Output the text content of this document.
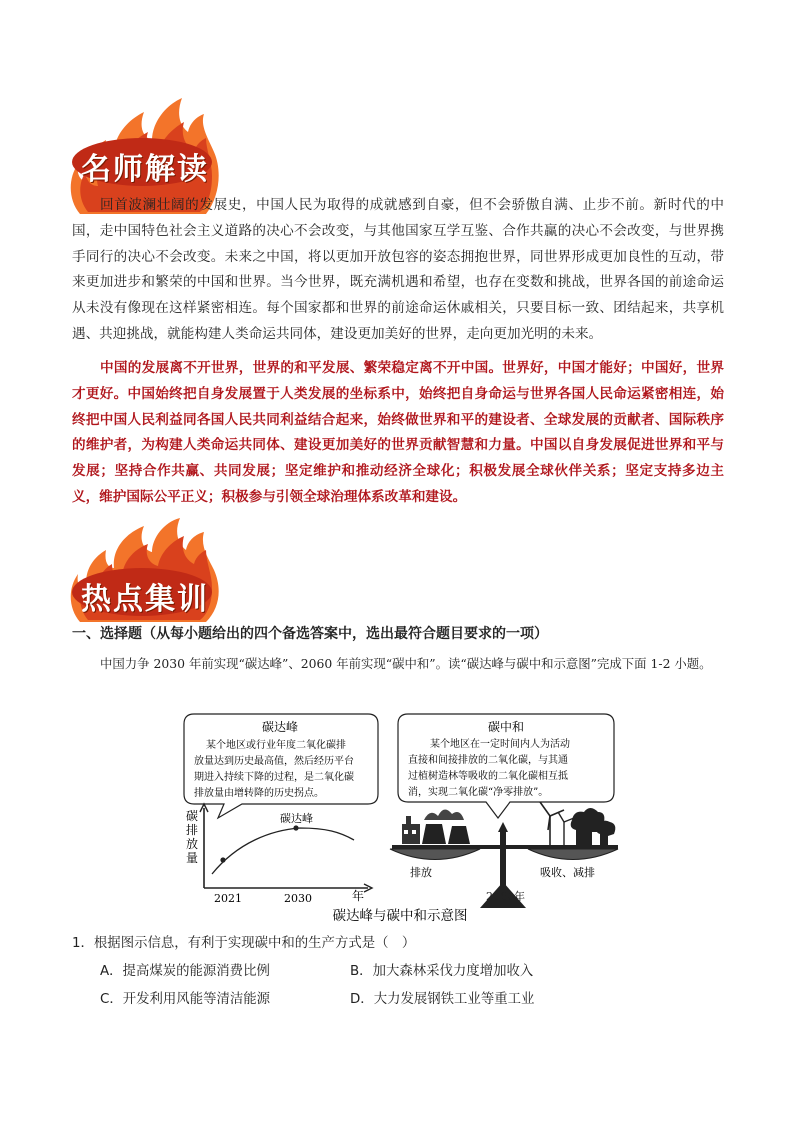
名师解读

回首波澜壮阔的发展史，中国人民为取得的成就感到自豪，但不会骄傲自满、止步不前。新时代的中国，走中国特色社会主义道路的决心不会改变，与其他国家互学互鉴、合作共赢的决心不会改变，与世界携手同行的决心不会改变。未来之中国，将以更加开放包容的姿态拥抱世界，同世界形成更加良性的互动，带来更加进步和繁荣的中国和世界。当今世界，既充满机遇和希望，也存在变数和挑战，世界各国的前途命运从未没有像现在这样紧密相连。每个国家都和世界的前途命运休戚相关，只要目标一致、团结起来，共享机遇、共迎挑战，就能构建人类命运共同体，建设更加美好的世界，走向更加光明的未来。

中国的发展离不开世界，世界的和平发展、繁荣稳定离不开中国。世界好，中国才能好；中国好，世界才更好。中国始终把自身发展置于人类发展的坐标系中，始终把自身命运与世界各国人民命运紧密相连，始终把中国人民利益同各国人民共同利益结合起来，始终做世界和平的建设者、全球发展的贡献者、国际秩序的维护者，为构建人类命运共同体、建设更加美好的世界贡献智慧和力量。中国以自身发展促进世界和平与发展；坚持合作共赢、共同发展；坚定维护和推动经济全球化；积极发展全球伙伴关系；坚定支持多边主义，维护国际公平正义；积极参与引领全球治理体系改革和建设。

热点集训
一、选择题（从每小题给出的四个备选答案中，选出最符合题目要求的一项）

中国力争 2030 年前实现“碳达峰”、2060 年前实现“碳中和”。读“碳达峰与碳中和示意图”完成下面 1-2 小题。

碳达峰
某个地区或行业年度二氧化碳排
放量达到历史最高值，然后经历平台
期进入持续下降的过程，是二氧化碳
排放量由增转降的历史拐点。
碳中和
某个地区在一定时间内人为活动
直接和间接排放的二氧化碳，与其通
过植树造林等吸收的二氧化碳相互抵
消，实现二氧化碳“净零排放”。
碳
排
放
量
碳达峰
2021	2030	年
排放	吸收、减排
2060年
碳达峰与碳中和示意图
1．根据图示信息，有利于实现碳中和的生产方式是（　）
A．提高煤炭的能源消费比例	B．加大森林采伐力度增加收入
C．开发利用风能等清洁能源	D．大力发展钢铁工业等重工业
